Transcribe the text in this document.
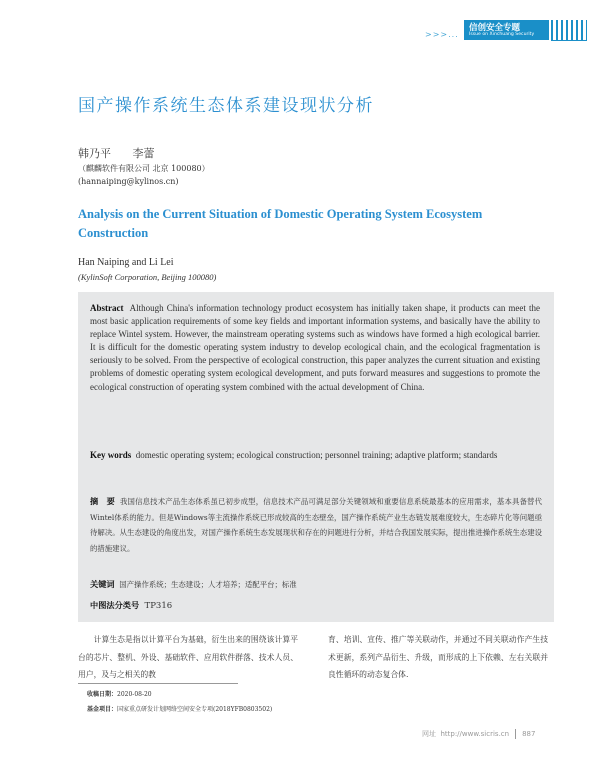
>>>...
信创安全专题
Issue on Xinchuang Security
国产操作系统生态体系建设现状分析
韩乃平 李蕾
（麒麟软件有限公司 北京 100080）
(hannaiping@kylinos.cn)
Analysis on the Current Situation of Domestic Operating System Ecosystem Construction
Han Naiping and Li Lei
(KylinSoft Corporation, Beijing 100080)
Abstract Although China's information technology product ecosystem has initially taken shape, it products can meet the most basic application requirements of some key fields and important information systems, and basically have the ability to replace Wintel system. However, the mainstream operating systems such as windows have formed a high ecological barrier. It is difficult for the domestic operating system industry to develop ecological chain, and the ecological fragmentation is seriously to be solved. From the perspective of ecological construction, this paper analyzes the current situation and existing problems of domestic operating system ecological development, and puts forward measures and suggestions to promote the ecological construction of operating system combined with the actual development of China.
Key words domestic operating system; ecological construction; personnel training; adaptive platform; standards
摘　要 我国信息技术产品生态体系虽已初步成型，信息技术产品可满足部分关键领域和重要信息系统最基本的应用需求，基本具备替代Wintel体系的能力。但是Windows等主流操作系统已形成较高的生态壁垒，国产操作系统产业生态链发展难度较大，生态碎片化等问题亟待解决。从生态建设的角度出发，对国产操作系统生态发展现状和存在的问题进行分析，并结合我国发展实际，提出推进操作系统生态建设的措施建议。
关键词 国产操作系统；生态建设；人才培养；适配平台；标准
中图法分类号 TP316
计算生态是指以计算平台为基础，衍生出来的围绕该计算平台的芯片、整机、外设、基础软件、应用软件群落、技术人员、用户，及与之相关的教
育、培训、宣传、推广等关联动作，并通过不同关联动作产生技术更新，系列产品衍生、升级，而形成的上下依赖、左右关联并良性循环的动态复合体.
收稿日期：2020-08-20
基金项目：国家重点研发计划网络空间安全专项(2018YFB0803502)
网址 http://www.sicris.cn 887
